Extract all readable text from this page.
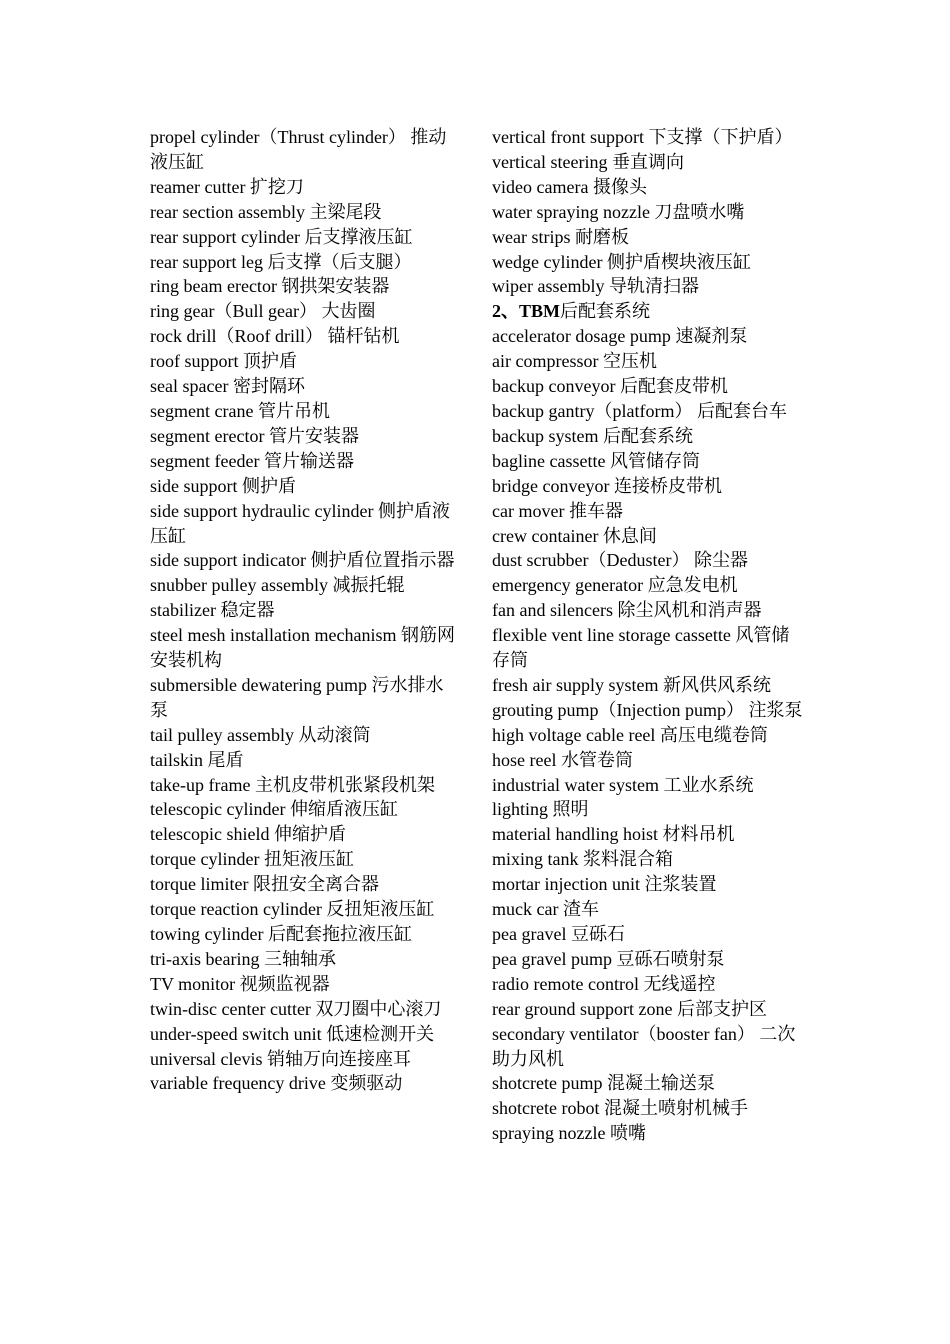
propel cylinder（Thrust cylinder） 推动液压缸

reamer cutter 扩挖刀

rear section assembly 主梁尾段

rear support cylinder 后支撑液压缸

rear support leg 后支撑（后支腿）

ring beam erector 钢拱架安装器

ring gear（Bull gear） 大齿圈

rock drill（Roof drill） 锚杆钻机

roof support 顶护盾

seal spacer 密封隔环

segment crane 管片吊机

segment erector 管片安装器

segment feeder 管片输送器

side support 侧护盾

side support hydraulic cylinder 侧护盾液压缸

side support indicator 侧护盾位置指示器

snubber pulley assembly 减振托辊

stabilizer 稳定器

steel mesh installation mechanism 钢筋网安装机构

submersible dewatering pump 污水排水泵

tail pulley assembly 从动滚筒

tailskin 尾盾

take-up frame 主机皮带机张紧段机架

telescopic cylinder 伸缩盾液压缸

telescopic shield 伸缩护盾

torque cylinder 扭矩液压缸

torque limiter 限扭安全离合器

torque reaction cylinder 反扭矩液压缸

towing cylinder 后配套拖拉液压缸

tri-axis bearing 三轴轴承

TV monitor 视频监视器

twin-disc center cutter 双刀圈中心滚刀

under-speed switch unit 低速检测开关

universal clevis 销轴万向连接座耳

variable frequency drive 变频驱动

vertical front support 下支撑（下护盾）

vertical steering 垂直调向

video camera 摄像头

water spraying nozzle 刀盘喷水嘴

wear strips 耐磨板

wedge cylinder 侧护盾楔块液压缸

wiper assembly 导轨清扫器

2、TBM后配套系统

accelerator dosage pump 速凝剂泵

air compressor 空压机

backup conveyor 后配套皮带机

backup gantry（platform） 后配套台车

backup system 后配套系统

bagline cassette 风管储存筒

bridge conveyor 连接桥皮带机

car mover 推车器

crew container 休息间

dust scrubber（Deduster） 除尘器

emergency generator 应急发电机

fan and silencers 除尘风机和消声器

flexible vent line storage cassette 风管储存筒

fresh air supply system 新风供风系统

grouting pump（Injection pump） 注浆泵

high voltage cable reel 高压电缆卷筒

hose reel 水管卷筒

industrial water system 工业水系统

lighting 照明

material handling hoist 材料吊机

mixing tank 浆料混合箱

mortar injection unit 注浆装置

muck car 渣车

pea gravel 豆砾石

pea gravel pump 豆砾石喷射泵

radio remote control 无线遥控

rear ground support zone 后部支护区

secondary ventilator（booster fan） 二次助力风机

shotcrete pump 混凝土输送泵

shotcrete robot 混凝土喷射机械手

spraying nozzle 喷嘴
